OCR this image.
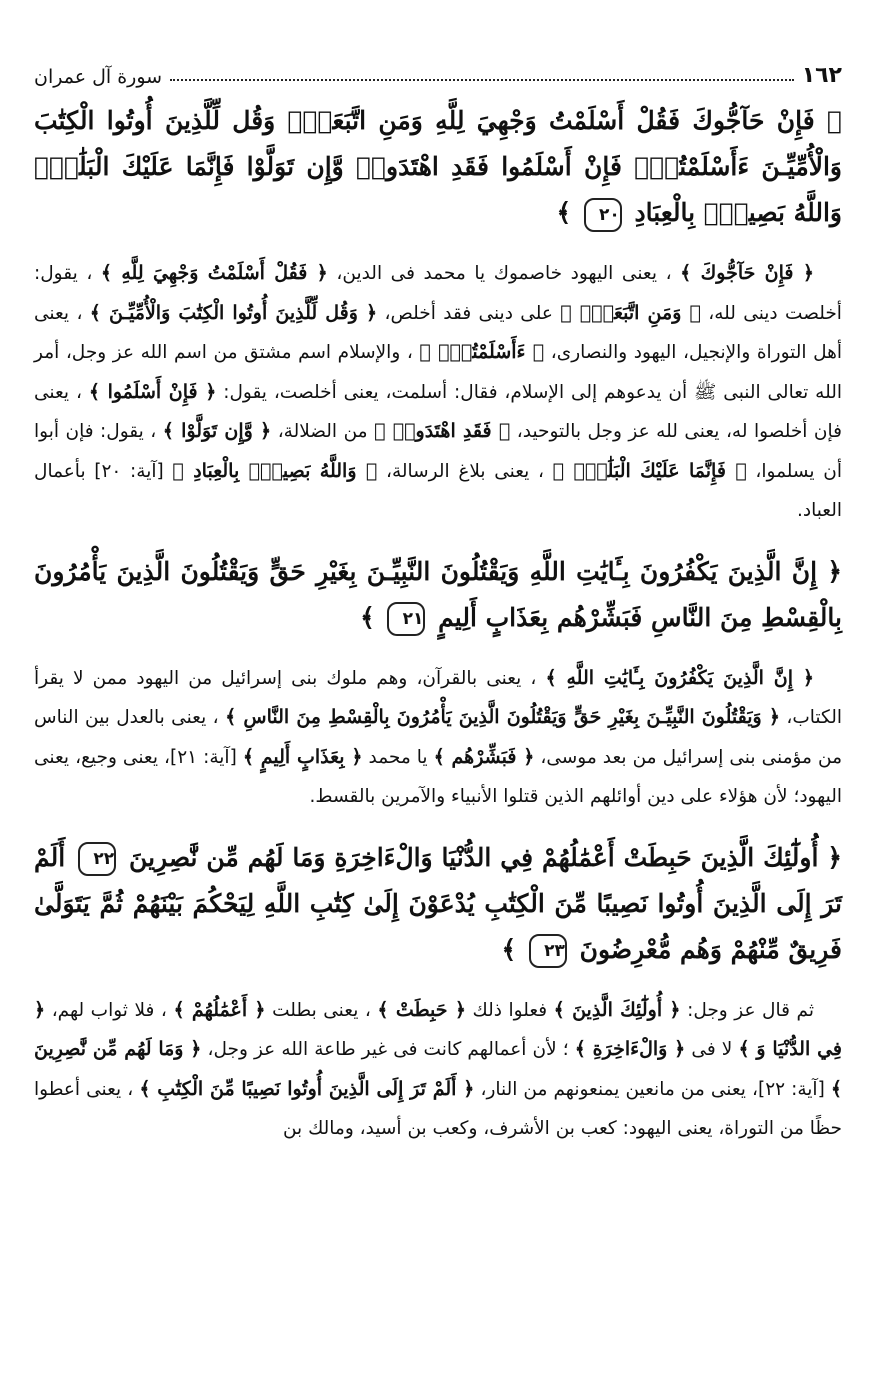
١٦٢
سورة آل عمران

﴿ فَإِنْ حَآجُّوكَ فَقُلْ أَسْلَمْتُ وَجْهِيَ لِلَّهِ وَمَنِ اتَّبَعَنِۗ وَقُل لِّلَّذِينَ أُوتُوا الْكِتَٰبَ وَالْأُمِّيِّـنَ ءَأَسْلَمْتُمْۚ فَإِنْ أَسْلَمُوا فَقَدِ اهْتَدَواۖ وَّإِن تَوَلَّوْا فَإِنَّمَا عَلَيْكَ الْبَلَٰغُۗ وَاللَّهُ بَصِيرٌۢ بِالْعِبَادِ ٢٠ ﴾

﴿ فَإِنْ حَآجُّوكَ ﴾ ، يعنى اليهود خاصموك يا محمد فى الدين، ﴿ فَقُلْ أَسْلَمْتُ وَجْهِيَ لِلَّهِ ﴾ ، يقول: أخلصت دينى لله، ﴿ وَمَنِ اتَّبَعَنِۗ ﴾ على دينى فقد أخلص، ﴿ وَقُل لِّلَّذِينَ أُوتُوا الْكِتَٰبَ وَالْأُمِّيِّـنَ ﴾ ، يعنى أهل التوراة والإنجيل، اليهود والنصارى، ﴿ ءَأَسْلَمْتُمْۚ ﴾ ، والإسلام اسم مشتق من اسم الله عز وجل، أمر الله تعالى النبى ﷺ أن يدعوهم إلى الإسلام، فقال: أسلمت، يعنى أخلصت، يقول: ﴿ فَإِنْ أَسْلَمُوا ﴾ ، يعنى فإن أخلصوا له، يعنى لله عز وجل بالتوحيد، ﴿ فَقَدِ اهْتَدَواۖ ﴾ من الضلالة، ﴿ وَّإِن تَوَلَّوْا ﴾ ، يقول: فإن أبوا أن يسلموا، ﴿ فَإِنَّمَا عَلَيْكَ الْبَلَٰغُۗ ﴾ ، يعنى بلاغ الرسالة، ﴿ وَاللَّهُ بَصِيرٌۢ بِالْعِبَادِ ﴾ [آية: ٢٠] بأعمال العباد.

﴿ إِنَّ الَّذِينَ يَكْفُرُونَ بِـَٔايَٰتِ اللَّهِ وَيَقْتُلُونَ النَّبِيِّـنَ بِغَيْرِ حَقٍّ وَيَقْتُلُونَ الَّذِينَ يَأْمُرُونَ بِالْقِسْطِ مِنَ النَّاسِ فَبَشِّرْهُم بِعَذَابٍ أَلِيمٍ ٢١ ﴾

﴿ إِنَّ الَّذِينَ يَكْفُرُونَ بِـَٔايَٰتِ اللَّهِ ﴾ ، يعنى بالقرآن، وهم ملوك بنى إسرائيل من اليهود ممن لا يقرأ الكتاب، ﴿ وَيَقْتُلُونَ النَّبِيِّـنَ بِغَيْرِ حَقٍّ وَيَقْتُلُونَ الَّذِينَ يَأْمُرُونَ بِالْقِسْطِ مِنَ النَّاسِ ﴾ ، يعنى بالعدل بين الناس من مؤمنى بنى إسرائيل من بعد موسى، ﴿ فَبَشِّرْهُم ﴾ يا محمد ﴿ بِعَذَابٍ أَلِيمٍ ﴾ [آية: ٢١]، يعنى وجيع، يعنى اليهود؛ لأن هؤلاء على دين أوائلهم الذين قتلوا الأنبياء والآمرين بالقسط.

﴿ أُولَٰٓئِكَ الَّذِينَ حَبِطَتْ أَعْمَٰلُهُمْ فِي الدُّنْيَا وَالْءَاخِرَةِ وَمَا لَهُم مِّن نَّٰصِرِينَ ٢٢ أَلَمْ تَرَ إِلَى الَّذِينَ أُوتُوا نَصِيبًا مِّنَ الْكِتَٰبِ يُدْعَوْنَ إِلَىٰ كِتَٰبِ اللَّهِ لِيَحْكُمَ بَيْنَهُمْ ثُمَّ يَتَوَلَّىٰ فَرِيقٌ مِّنْهُمْ وَهُم مُّعْرِضُونَ ٢٣ ﴾

ثم قال عز وجل: ﴿ أُولَٰٓئِكَ الَّذِينَ ﴾ فعلوا ذلك ﴿ حَبِطَتْ ﴾ ، يعنى بطلت ﴿ أَعْمَٰلُهُمْ ﴾ ، فلا ثواب لهم، ﴿ فِي الدُّنْيَا وَ ﴾ لا فى ﴿ وَالْءَاخِرَةِ ﴾ ؛ لأن أعمالهم كانت فى غير طاعة الله عز وجل، ﴿ وَمَا لَهُم مِّن نَّٰصِرِينَ ﴾ [آية: ٢٢]، يعنى من مانعين يمنعونهم من النار، ﴿ أَلَمْ تَرَ إِلَى الَّذِينَ أُوتُوا نَصِيبًا مِّنَ الْكِتَٰبِ ﴾ ، يعنى أعطوا حظًا من التوراة، يعنى اليهود: كعب بن الأشرف، وكعب بن أسيد، ومالك بن
